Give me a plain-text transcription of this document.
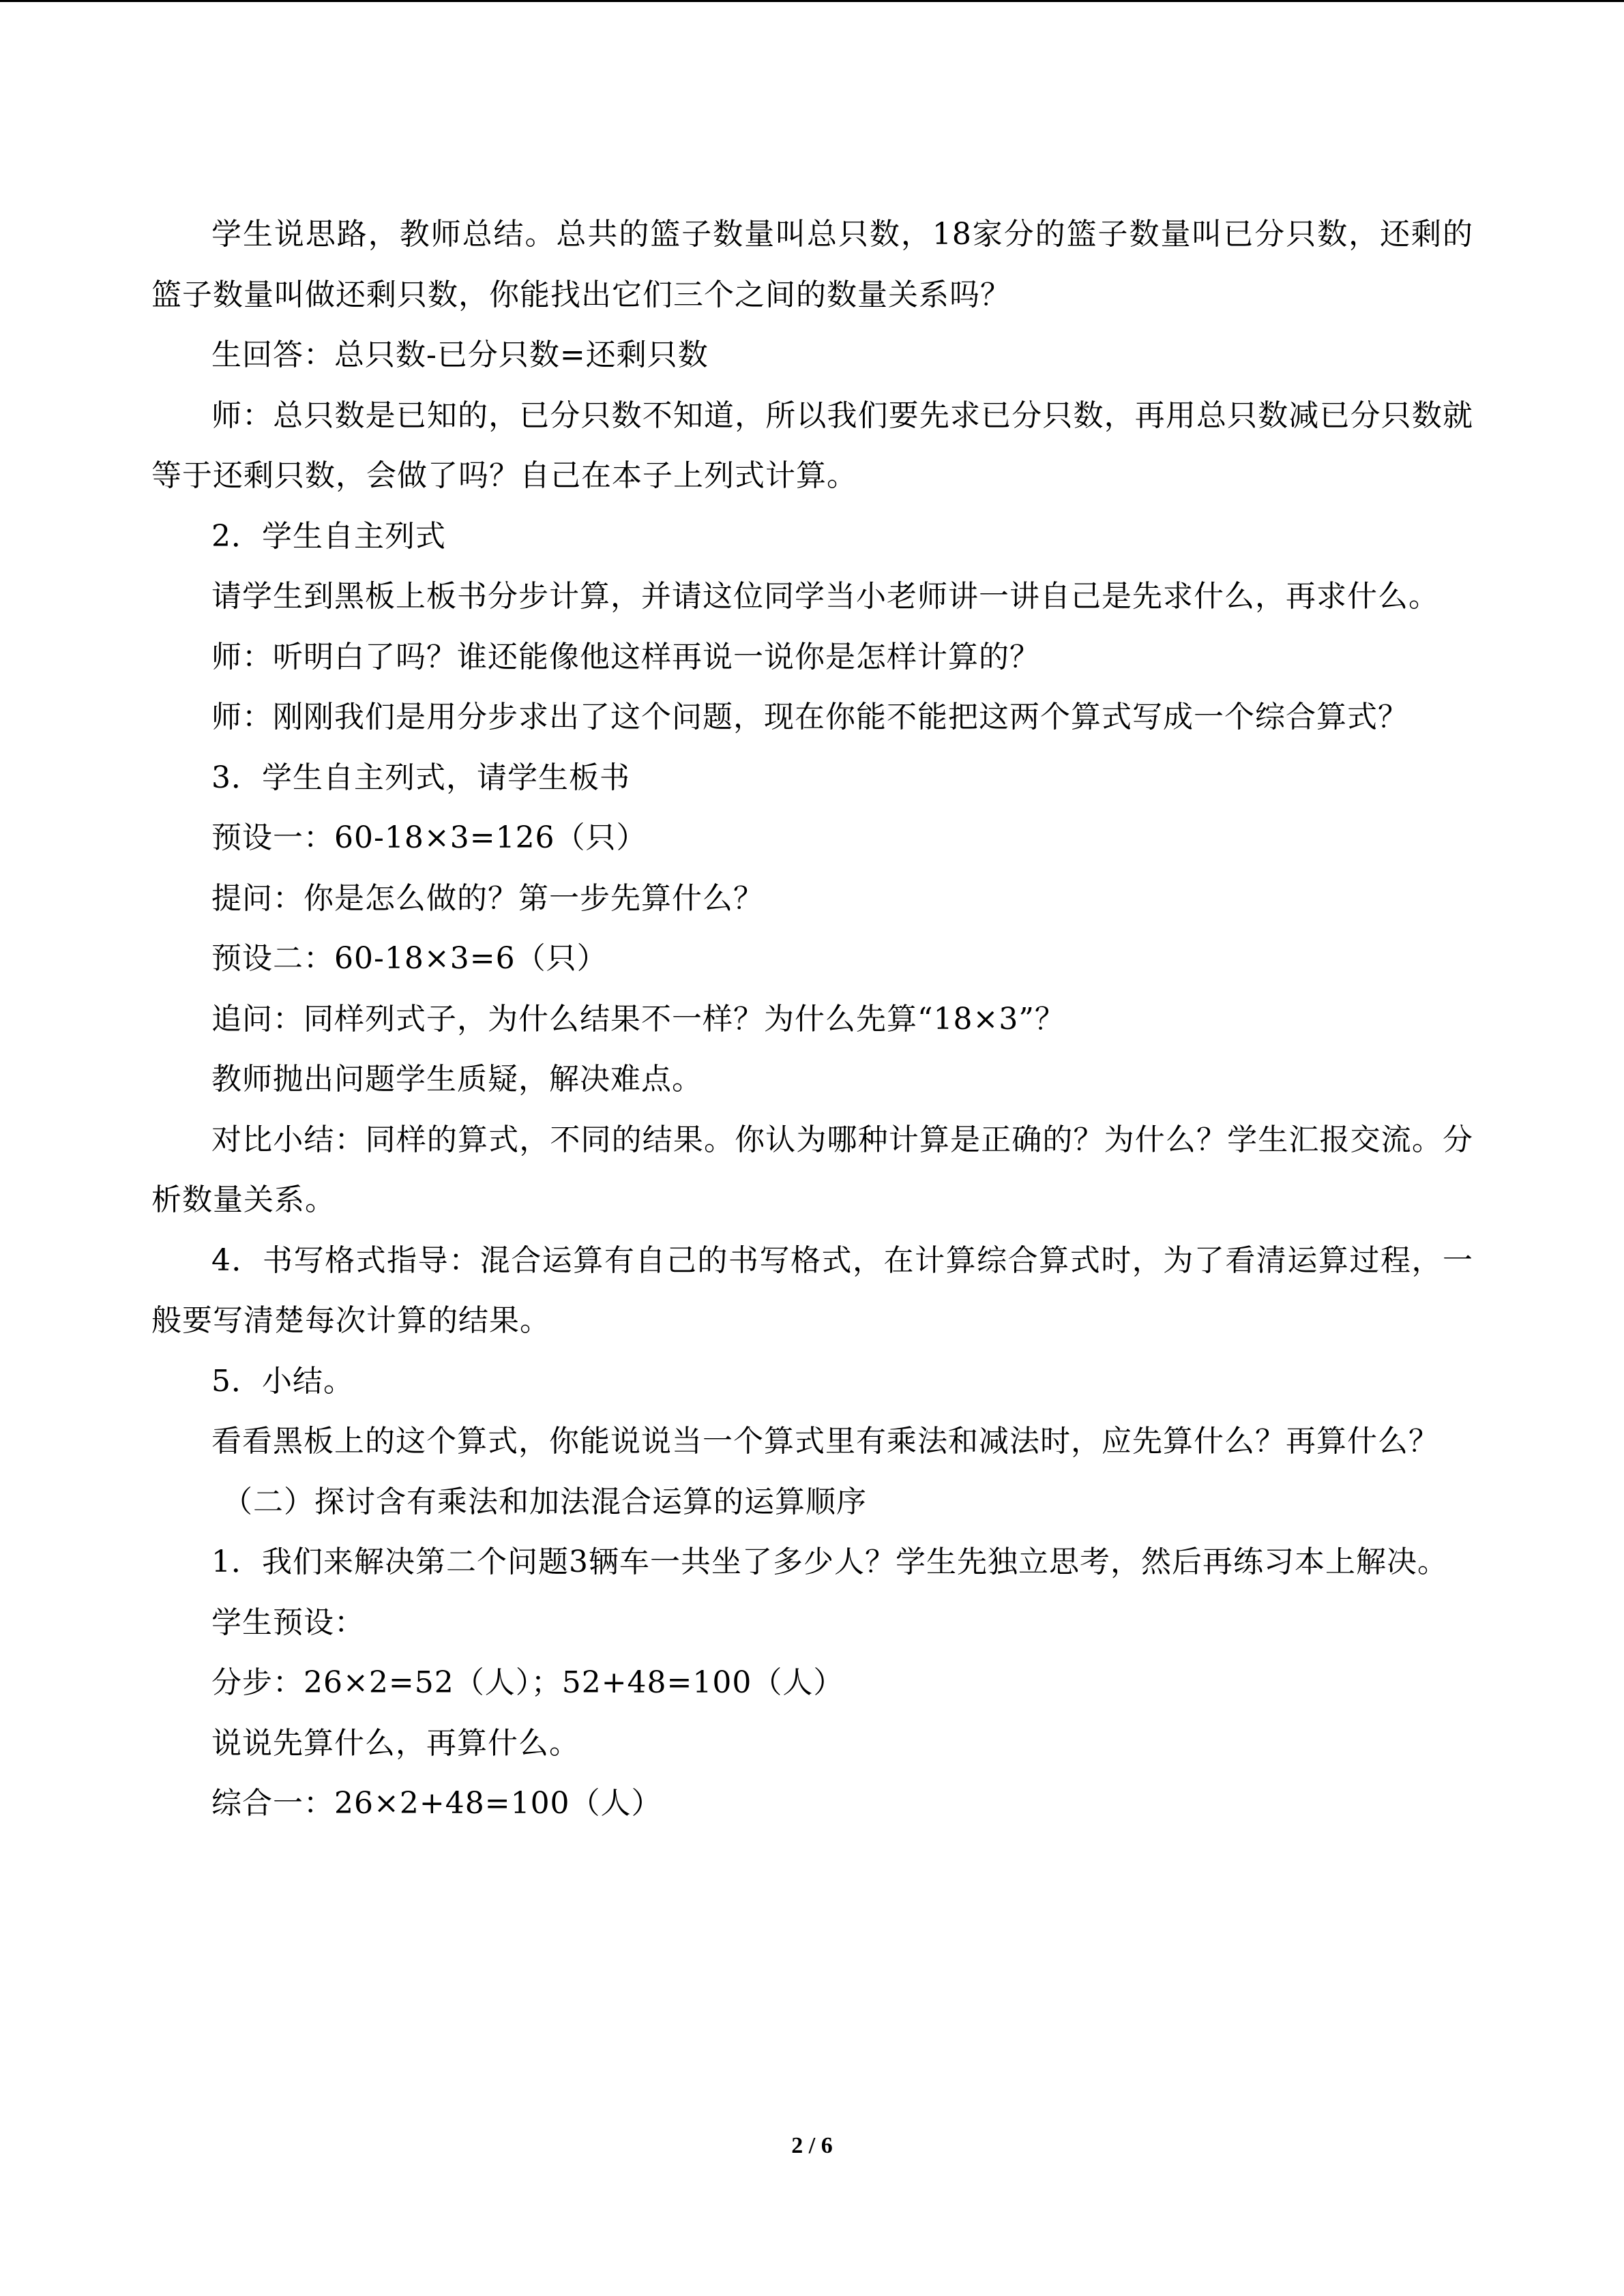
学生说思路，教师总结。总共的篮子数量叫总只数，18家分的篮子数量叫已分只数，还剩的篮子数量叫做还剩只数，你能找出它们三个之间的数量关系吗？

生回答：总只数-已分只数=还剩只数

师：总只数是已知的，已分只数不知道，所以我们要先求已分只数，再用总只数减已分只数就等于还剩只数，会做了吗？自己在本子上列式计算。

2．学生自主列式

请学生到黑板上板书分步计算，并请这位同学当小老师讲一讲自己是先求什么，再求什么。

师：听明白了吗？谁还能像他这样再说一说你是怎样计算的？

师：刚刚我们是用分步求出了这个问题，现在你能不能把这两个算式写成一个综合算式？

3．学生自主列式，请学生板书

预设一：60-18×3=126（只）

提问：你是怎么做的？第一步先算什么？

预设二：60-18×3=6（只）

追问：同样列式子，为什么结果不一样？为什么先算“18×3”？

教师抛出问题学生质疑，解决难点。

对比小结：同样的算式，不同的结果。你认为哪种计算是正确的？为什么？学生汇报交流。分析数量关系。

4．书写格式指导：混合运算有自己的书写格式，在计算综合算式时，为了看清运算过程，一般要写清楚每次计算的结果。

5．小结。

看看黑板上的这个算式，你能说说当一个算式里有乘法和减法时，应先算什么？再算什么？

（二）探讨含有乘法和加法混合运算的运算顺序

1．我们来解决第二个问题3辆车一共坐了多少人？学生先独立思考，然后再练习本上解决。

学生预设：

分步：26×2=52（人）；52+48=100（人）

说说先算什么，再算什么。

综合一：26×2+48=100（人）

2 / 6
